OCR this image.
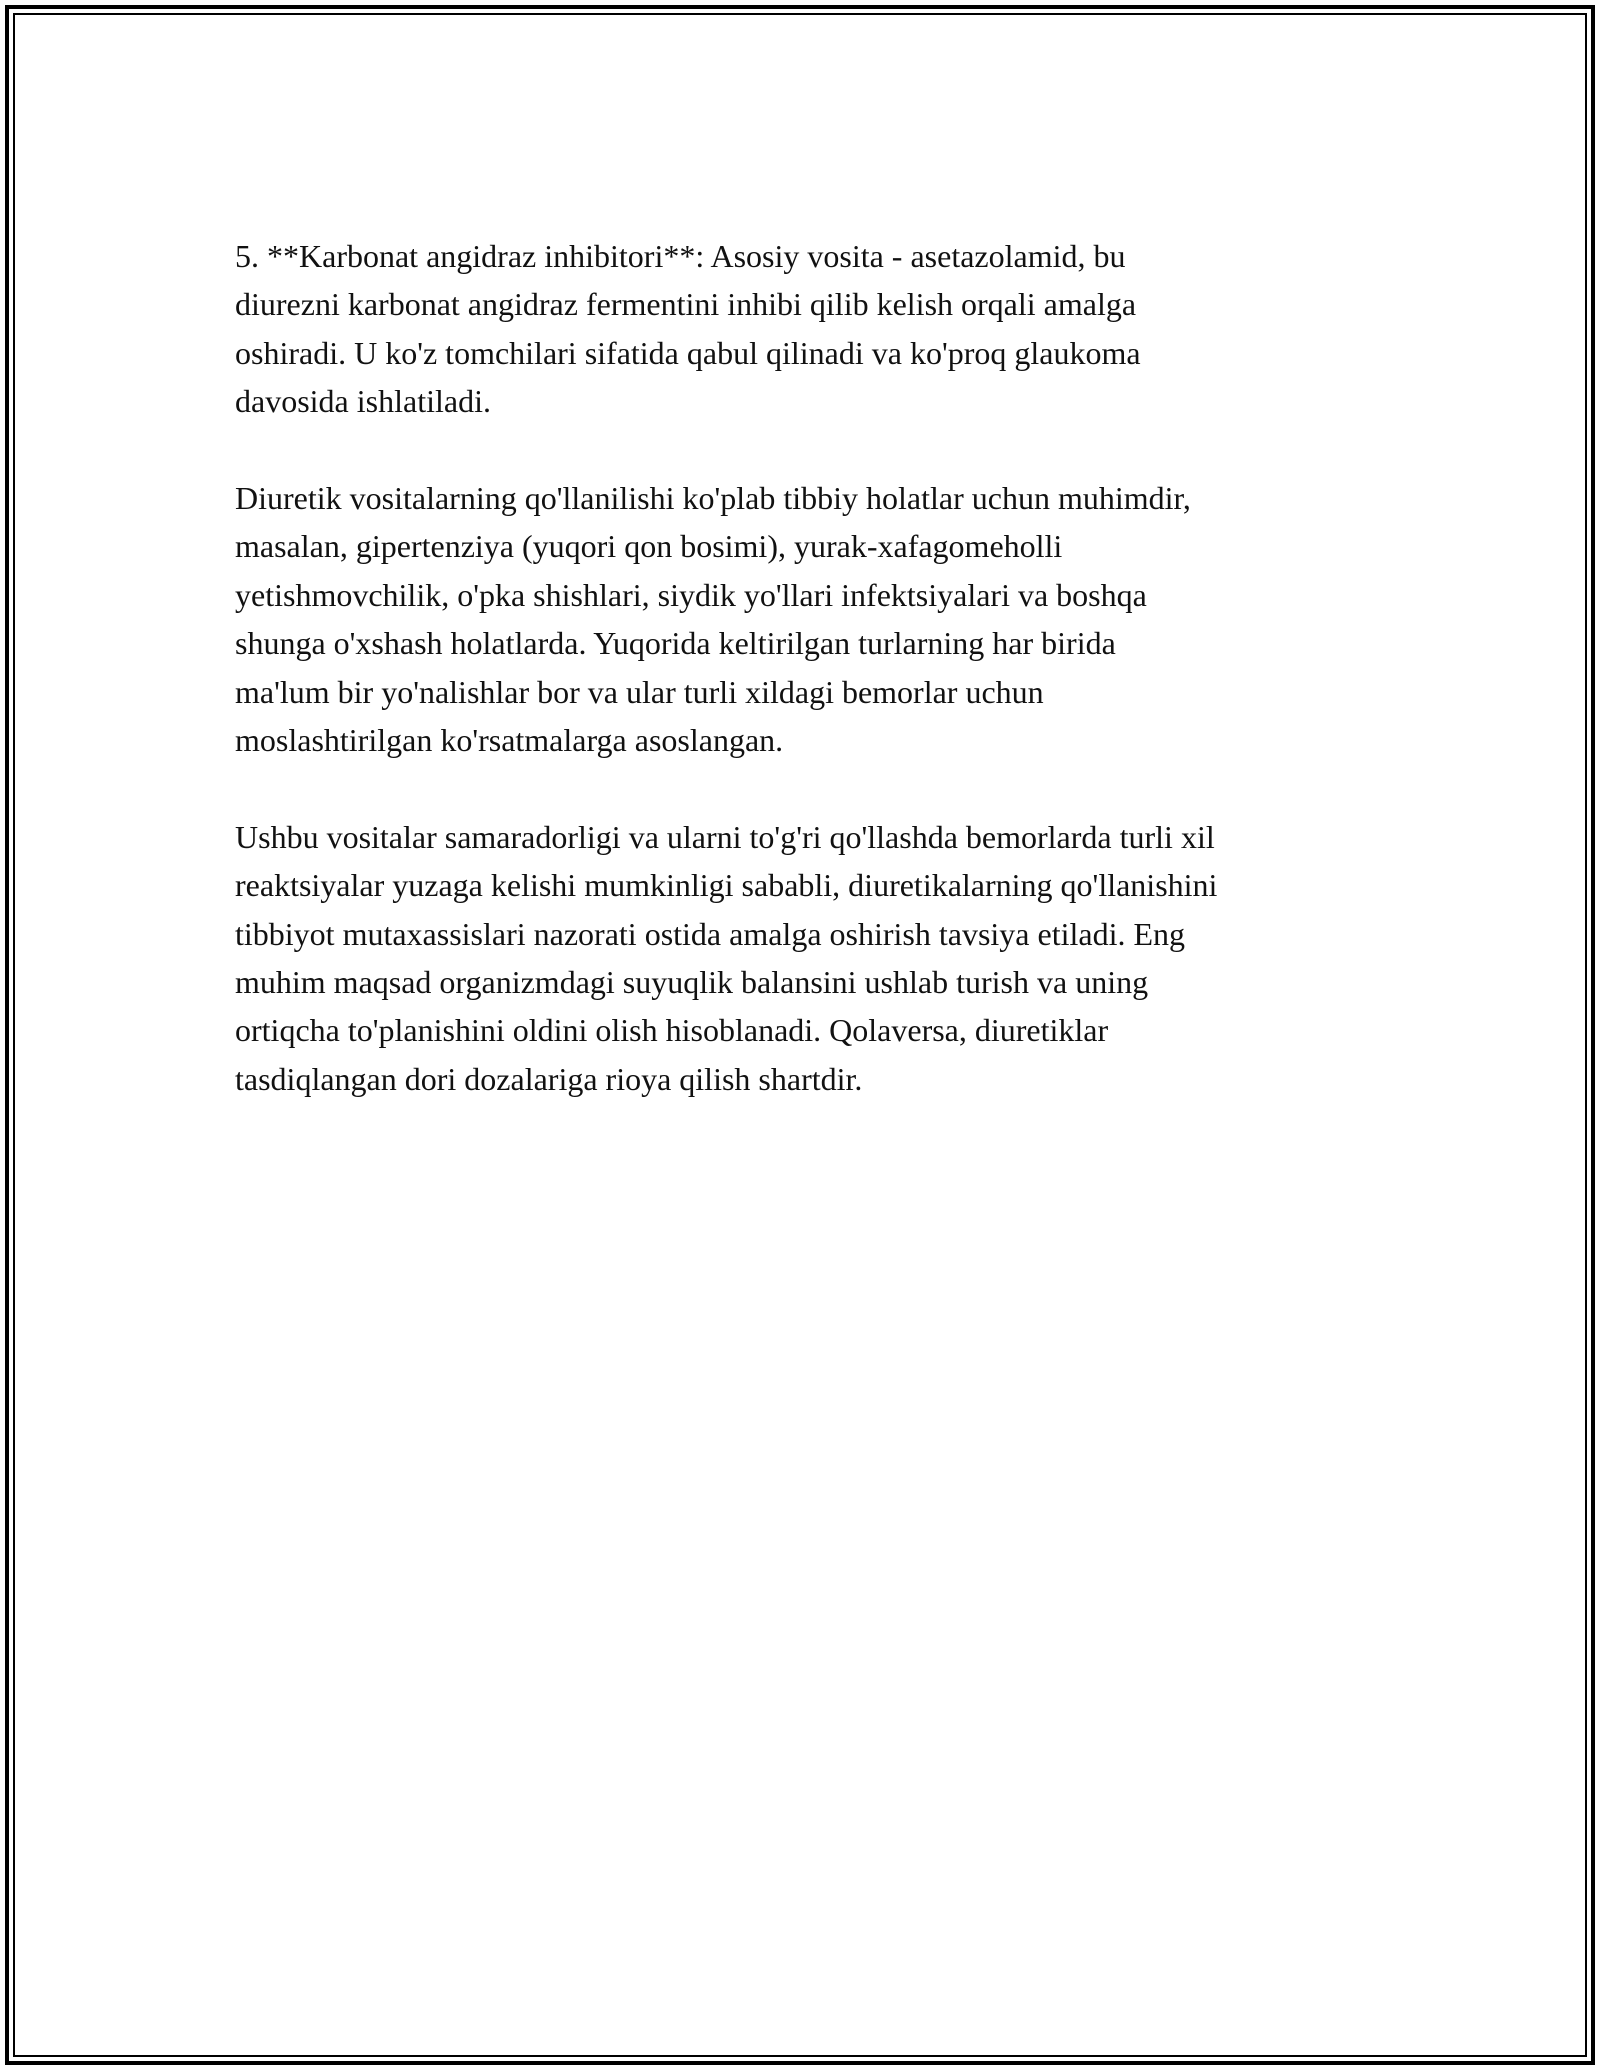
5. **Karbonat angidraz inhibitori**: Asosiy vosita - asetazolamid, bu
diurezni karbonat angidraz fermentini inhibi qilib kelish orqali amalga
oshiradi. U ko'z tomchilari sifatida qabul qilinadi va ko'proq glaukoma
davosida ishlatiladi.

Diuretik vositalarning qo'llanilishi ko'plab tibbiy holatlar uchun muhimdir,
masalan, gipertenziya (yuqori qon bosimi), yurak-xafagomeholli
yetishmovchilik, o'pka shishlari, siydik yo'llari infektsiyalari va boshqa
shunga o'xshash holatlarda. Yuqorida keltirilgan turlarning har birida
ma'lum bir yo'nalishlar bor va ular turli xildagi bemorlar uchun
moslashtirilgan ko'rsatmalarga asoslangan.

Ushbu vositalar samaradorligi va ularni to'g'ri qo'llashda bemorlarda turli xil
reaktsiyalar yuzaga kelishi mumkinligi sababli, diuretikalarning qo'llanishini
tibbiyot mutaxassislari nazorati ostida amalga oshirish tavsiya etiladi. Eng
muhim maqsad organizmdagi suyuqlik balansini ushlab turish va uning
ortiqcha to'planishini oldini olish hisoblanadi. Qolaversa, diuretiklar
tasdiqlangan dori dozalariga rioya qilish shartdir.
